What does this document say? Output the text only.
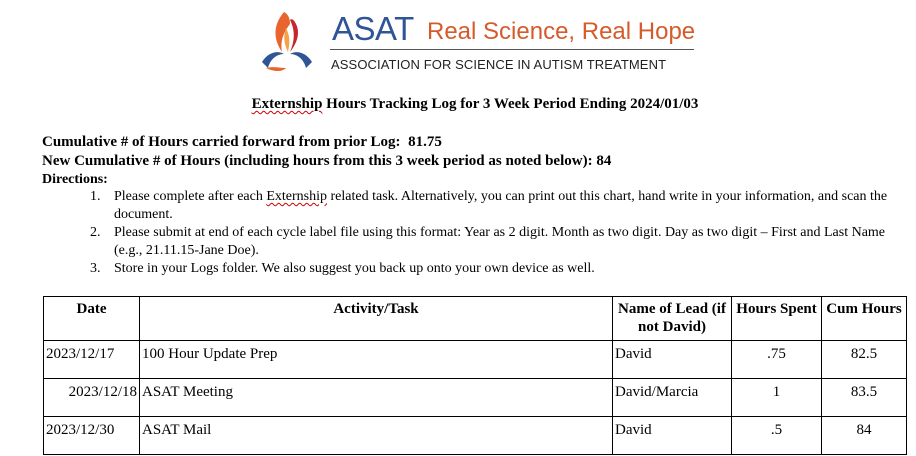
ASAT Real Science, Real Hope
ASSOCIATION FOR SCIENCE IN AUTISM TREATMENT
Externship Hours Tracking Log for 3 Week Period Ending 2024/01/03
Cumulative # of Hours carried forward from prior Log: 81.75
New Cumulative # of Hours (including hours from this 3 week period as noted below): 84
Directions:
1. Please complete after each Externship related task. Alternatively, you can print out this chart, hand write in your information, and scan the document.
2. Please submit at end of each cycle label file using this format: Year as 2 digit. Month as two digit. Day as two digit – First and Last Name (e.g., 21.11.15-Jane Doe).
3. Store in your Logs folder. We also suggest you back up onto your own device as well.
Date	Activity/Task	Name of Lead (if not David)	Hours Spent	Cum Hours
2023/12/17	100 Hour Update Prep	David	.75	82.5
2023/12/18	ASAT Meeting	David/Marcia	1	83.5
2023/12/30	ASAT Mail	David	.5	84
